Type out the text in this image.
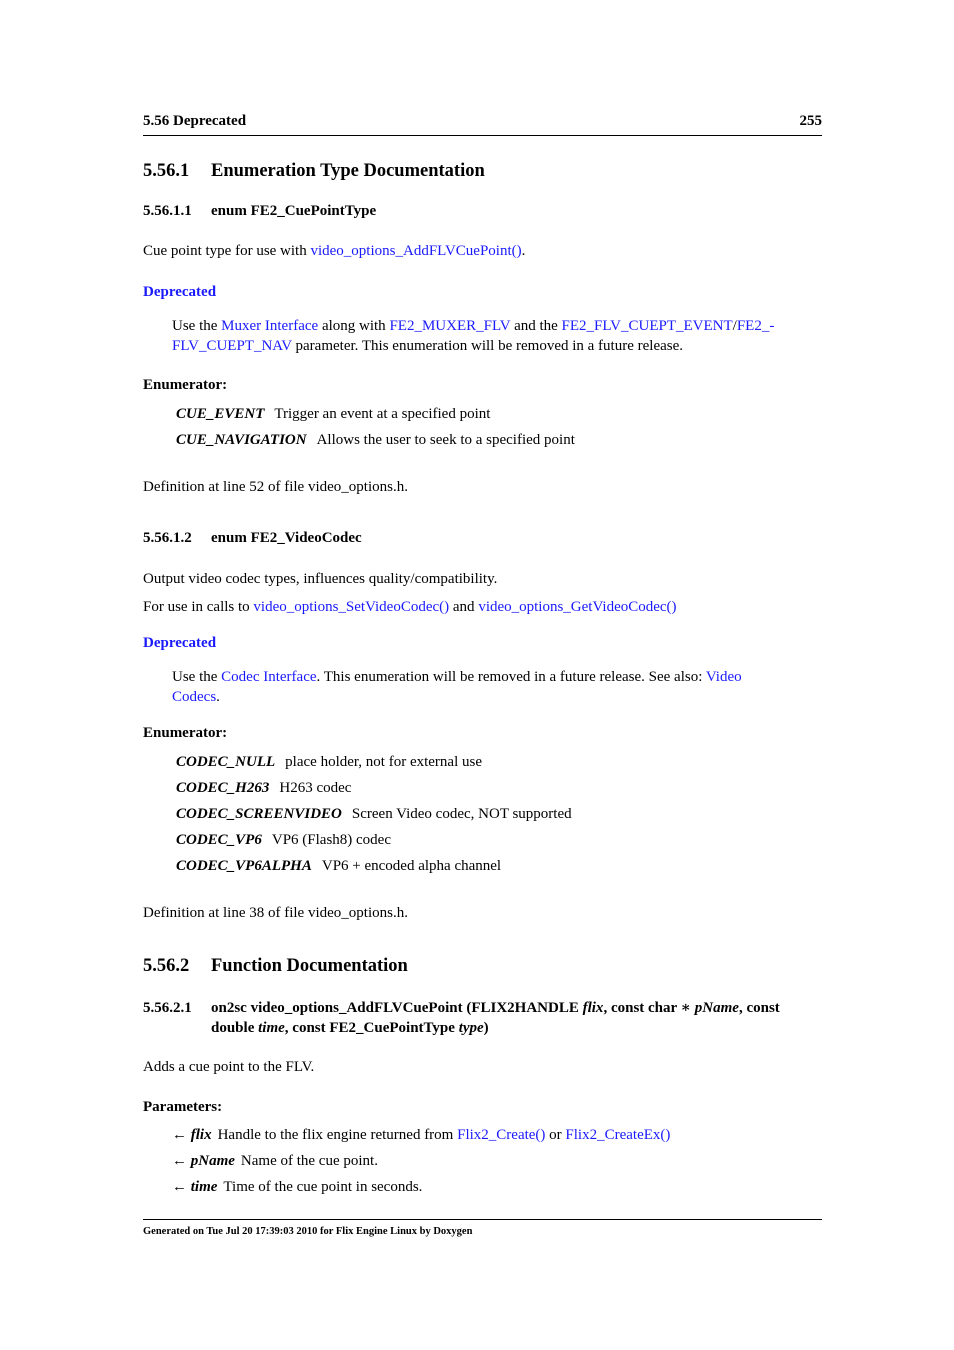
5.56 Deprecated	255
5.56.1 Enumeration Type Documentation
5.56.1.1 enum FE2_CuePointType
Cue point type for use with video_options_AddFLVCuePoint().
Deprecated
Use the Muxer Interface along with FE2_MUXER_FLV and the FE2_FLV_CUEPT_EVENT/FE2_-
FLV_CUEPT_NAV parameter. This enumeration will be removed in a future release.
Enumerator:
CUE_EVENT Trigger an event at a specified point
CUE_NAVIGATION Allows the user to seek to a specified point
Definition at line 52 of file video_options.h.
5.56.1.2 enum FE2_VideoCodec
Output video codec types, influences quality/compatibility.
For use in calls to video_options_SetVideoCodec() and video_options_GetVideoCodec()
Deprecated
Use the Codec Interface. This enumeration will be removed in a future release. See also: Video
Codecs.
Enumerator:
CODEC_NULL place holder, not for external use
CODEC_H263 H263 codec
CODEC_SCREENVIDEO Screen Video codec, NOT supported
CODEC_VP6 VP6 (Flash8) codec
CODEC_VP6ALPHA VP6 + encoded alpha channel
Definition at line 38 of file video_options.h.
5.56.2 Function Documentation
5.56.2.1 on2sc video_options_AddFLVCuePoint (FLIX2HANDLE flix, const char ∗ pName, const
double time, const FE2_CuePointType type)
Adds a cue point to the FLV.
Parameters:
← flix Handle to the flix engine returned from Flix2_Create() or Flix2_CreateEx()
← pName Name of the cue point.
← time Time of the cue point in seconds.
Generated on Tue Jul 20 17:39:03 2010 for Flix Engine Linux by Doxygen
